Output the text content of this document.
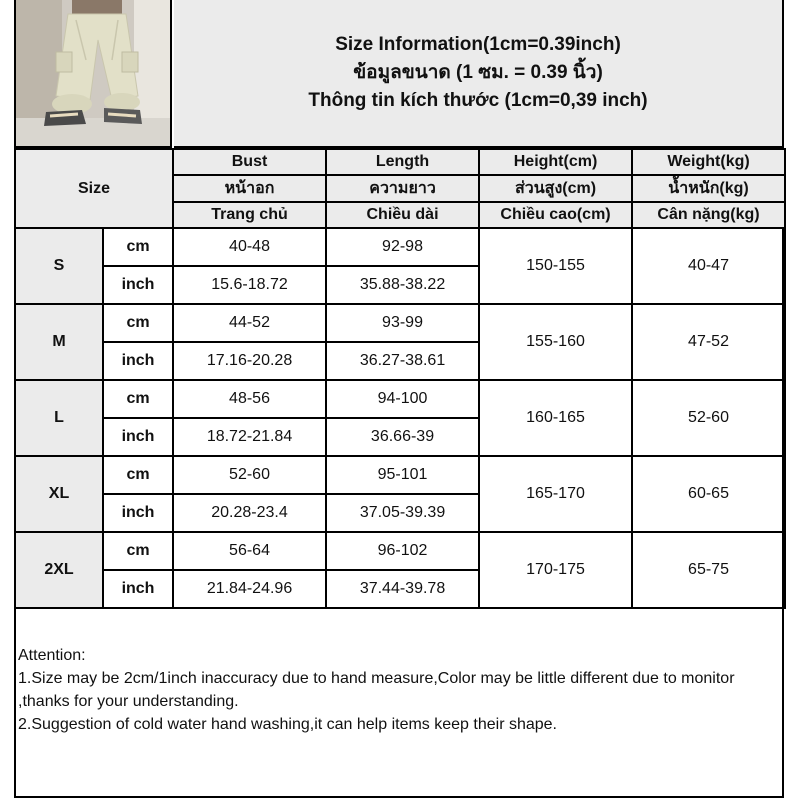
Size Information(1cm=0.39inch)
ข้อมูลขนาด (1 ซม. = 0.39 นิ้ว)
Thông tin kích thước (1cm=0,39 inch)
Size		Bust	Length	Height(cm)	Weight(kg)
		หน้าอก	ความยาว	ส่วนสูง(cm)	น้ำหนัก(kg)
		Trang chủ	Chiều dài	Chiều cao(cm)	Cân nặng(kg)
S	cm	40-48	92-98	150-155	40-47
	inch	15.6-18.72	35.88-38.22		
M	cm	44-52	93-99	155-160	47-52
	inch	17.16-20.28	36.27-38.61		
L	cm	48-56	94-100	160-165	52-60
	inch	18.72-21.84	36.66-39		
XL	cm	52-60	95-101	165-170	60-65
	inch	20.28-23.4	37.05-39.39		
2XL	cm	56-64	96-102	170-175	65-75
	inch	21.84-24.96	37.44-39.78		
Attention:
1.Size may be 2cm/1inch inaccuracy due to hand measure,Color may be little different due to monitor ,thanks for your understanding.
2.Suggestion of cold water hand washing,it can help items keep their shape.
